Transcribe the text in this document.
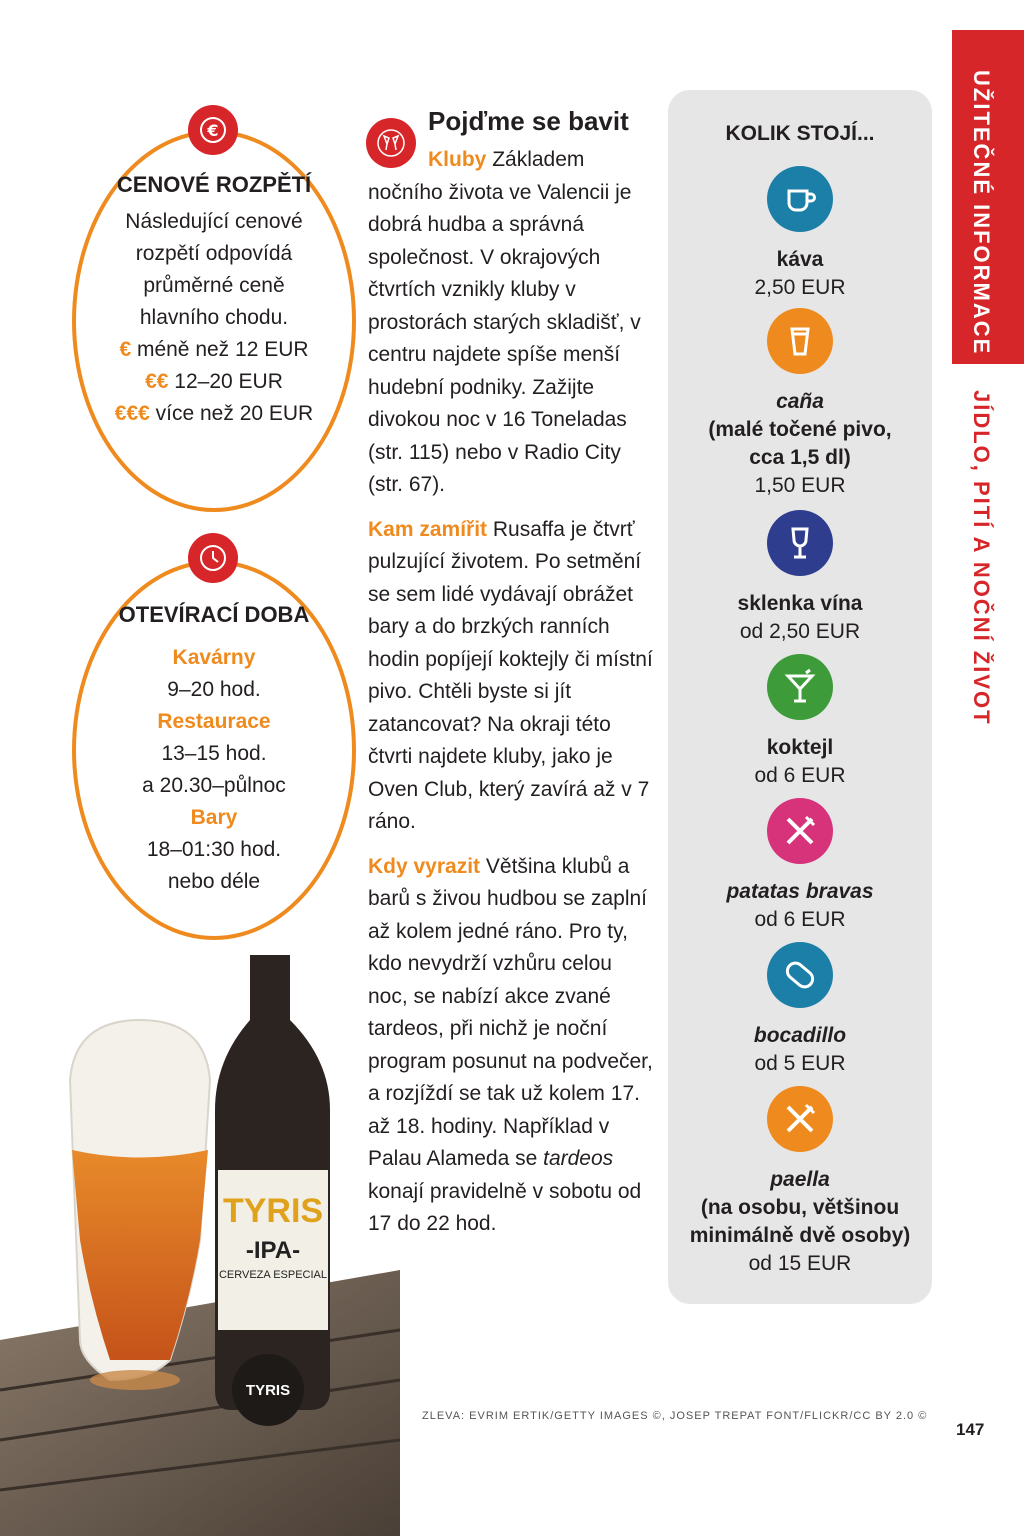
UŽITEČNÉ INFORMACE
JÍDLO, PITÍ A NOČNÍ ŽIVOT
CENOVÉ ROZPĚTÍ
Následující cenové
rozpětí odpovídá
průměrné ceně
hlavního chodu.
€ méně než 12 EUR
€€ 12–20 EUR
€€€ více než 20 EUR
€
OTEVÍRACÍ DOBA
Kavárny
9–20 hod.
Restaurace
13–15 hod.
a 20.30–půlnoc
Bary
18–01:30 hod.
nebo déle
Pojďme se bavit

Kluby Základem nočního života ve Valencii je dobrá hudba a správná společnost. V okrajových čtvrtích vznikly kluby v prostorách starých skladišť, v centru najdete spíše menší hudební podniky. Zažijte divokou noc v 16 Toneladas (str. 115) nebo v Radio City (str. 67).

Kam zamířit Rusaffa je čtvrť pulzující životem. Po setmění se sem lidé vydávají obrážet bary a do brzkých ranních hodin popíjejí koktejly či místní pivo. Chtěli byste si jít zatancovat? Na okraji této čtvrti najdete kluby, jako je Oven Club, který zavírá až v 7 ráno.

Kdy vyrazit Většina klubů a barů s živou hudbou se zaplní až kolem jedné ráno. Pro ty, kdo nevydrží vzhůru celou noc, se nabízí akce zvané tardeos, při nichž je noční program posunut na podvečer, a rozjíždí se tak už kolem 17. až 18. hodiny. Například v Palau Alameda se tardeos konají pravidelně v sobotu od 17 do 22 hod.

KOLIK STOJÍ...
káva
2,50 EUR
caña
(malé točené pivo, cca 1,5 dl)
1,50 EUR
sklenka vína
od 2,50 EUR
koktejl
od 6 EUR
patatas bravas
od 6 EUR
bocadillo
od 5 EUR
paella
(na osobu, většinou minimálně dvě osoby)
od 15 EUR
TYRIS
-IPA-
CERVEZA ESPECIAL
TYRIS
ZLEVA: EVRIM ERTIK/GETTY IMAGES ©, JOSEP TREPAT FONT/FLICKR/CC BY 2.0 ©
147
